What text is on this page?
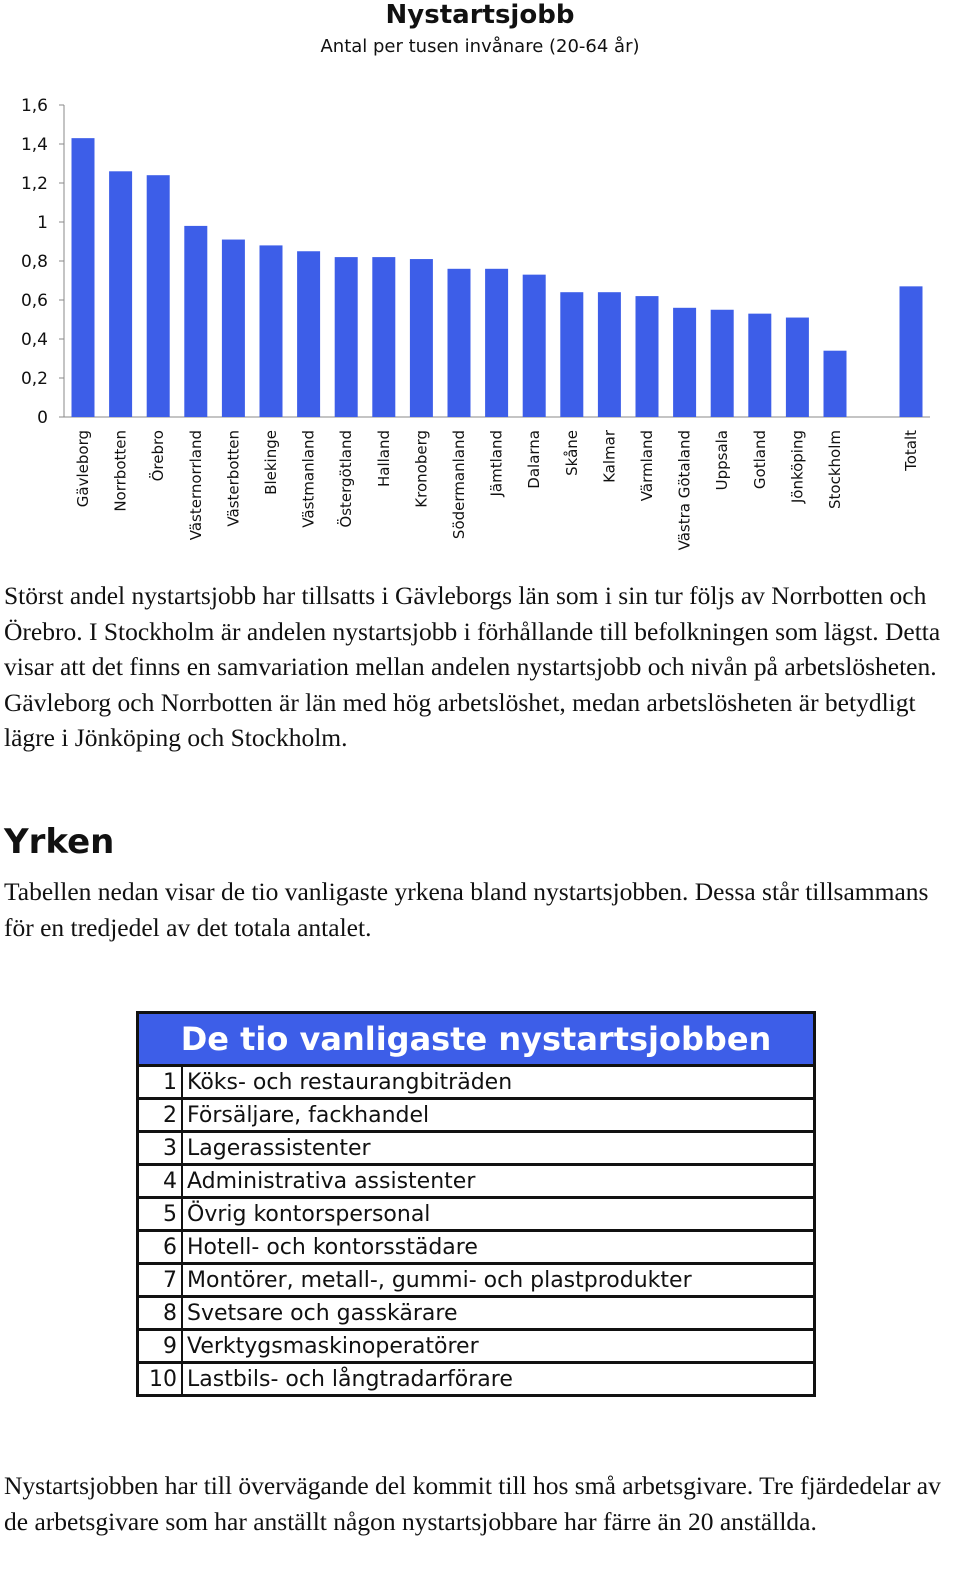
Nystartsjobb
Antal per tusen invånare (20-64 år)
0
0,2
0,4
0,6
0,8
1
1,2
1,4
1,6
Gävleborg Norrbotten Örebro Västernorrland Västerbotten Blekinge Västmanland Östergötland Halland Kronoberg Södermanland Jämtland Dalarna Skåne Kalmar Värmland Västra Götaland Uppsala Gotland Jönköping Stockholm	Totalt

Störst andel nystartsjobb har tillsatts i Gävleborgs län som i sin tur följs av Norrbotten och Örebro. I Stockholm är andelen nystartsjobb i förhållande till befolkningen som lägst. Detta visar att det finns en samvariation mellan andelen nystartsjobb och nivån på arbetslösheten. Gävleborg och Norrbotten är län med hög arbetslöshet, medan arbetslösheten är betydligt lägre i Jönköping och Stockholm.

Yrken

Tabellen nedan visar de tio vanligaste yrkena bland nystartsjobben. Dessa står tillsammans för en tredjedel av det totala antalet.

De tio vanligaste nystartsjobben	
1	Köks- och restaurangbiträden
2	Försäljare, fackhandel
3	Lagerassistenter
4	Administrativa assistenter
5	Övrig kontorspersonal
6	Hotell- och kontorsstädare
7	Montörer, metall-, gummi- och plastprodukter
8	Svetsare och gasskärare
9	Verktygsmaskinoperatörer
10	Lastbils- och långtradarförare

Nystartsjobben har till övervägande del kommit till hos små arbetsgivare. Tre fjärdedelar av de arbetsgivare som har anställt någon nystartsjobbare har färre än 20 anställda.
